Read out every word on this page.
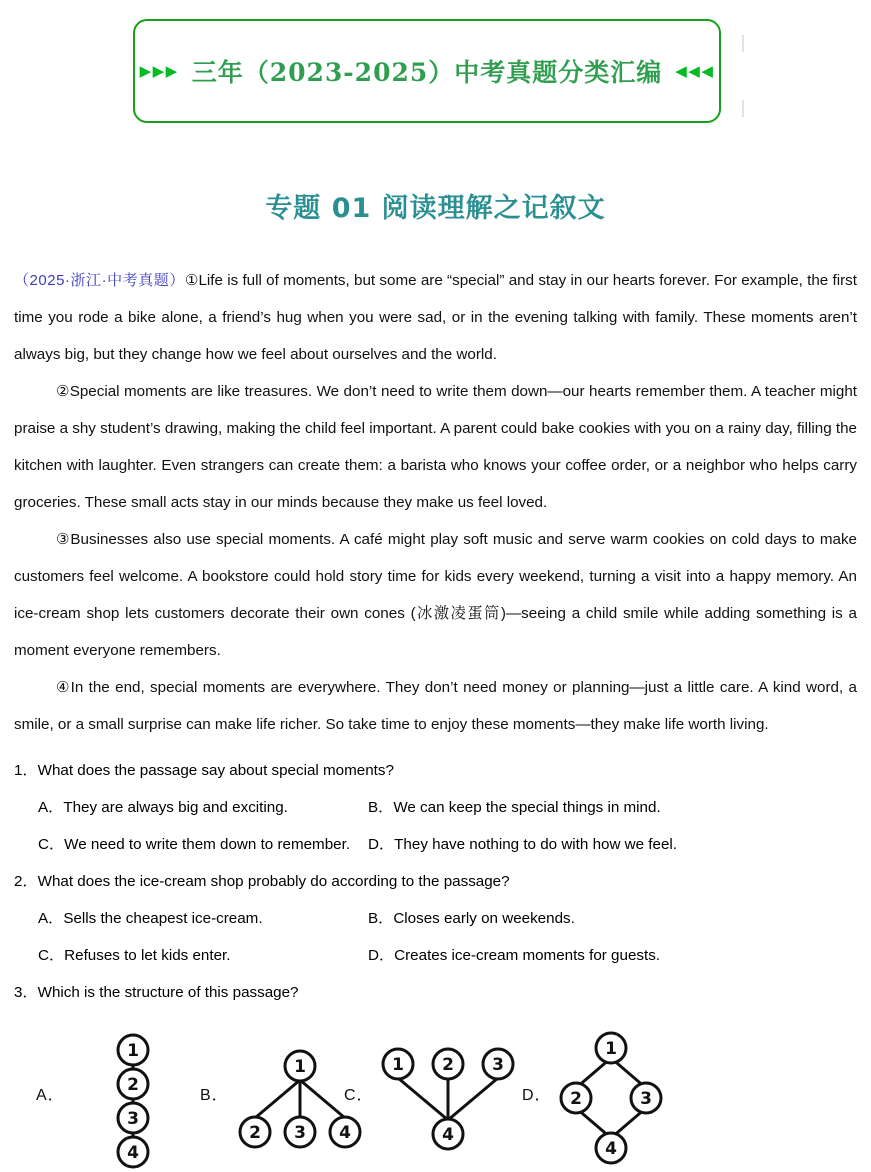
▶▶▶ 三年（2023-2025）中考真题分类汇编 ◀◀◀
专题 01 阅读理解之记叙文

（2025·浙江·中考真题）①Life is full of moments, but some are “special” and stay in our hearts forever. For example, the first time you rode a bike alone, a friend’s hug when you were sad, or in the evening talking with family. These moments aren’t always big, but they change how we feel about ourselves and the world.

②Special moments are like treasures. We don’t need to write them down—our hearts remember them. A teacher might praise a shy student’s drawing, making the child feel important. A parent could bake cookies with you on a rainy day, filling the kitchen with laughter. Even strangers can create them: a barista who knows your coffee order, or a neighbor who helps carry groceries. These small acts stay in our minds because they make us feel loved.

③Businesses also use special moments. A café might play soft music and serve warm cookies on cold days to make customers feel welcome. A bookstore could hold story time for kids every weekend, turning a visit into a happy memory. An ice-cream shop lets customers decorate their own cones (冰激凌蛋筒)—seeing a child smile while adding something is a moment everyone remembers.

④In the end, special moments are everywhere. They don’t need money or planning—just a little care. A kind word, a smile, or a small surprise can make life richer. So take time to enjoy these moments—they make life worth living.

1．What does the passage say about special moments?

A．They are always big and exciting.	B．We can keep the special things in mind.
C．We need to write them down to remember.	D．They have nothing to do with how we feel.

2．What does the ice-cream shop probably do according to the passage?

A．Sells the cheapest ice-cream.	B．Closes early on weekends.
C．Refuses to let kids enter.	D．Creates ice-cream moments for guests.

3．Which is the structure of this passage?

A．
1
2
3
4
B．
1
2 3 4
C．
1 2 3
4
D．
1
2	3
4
